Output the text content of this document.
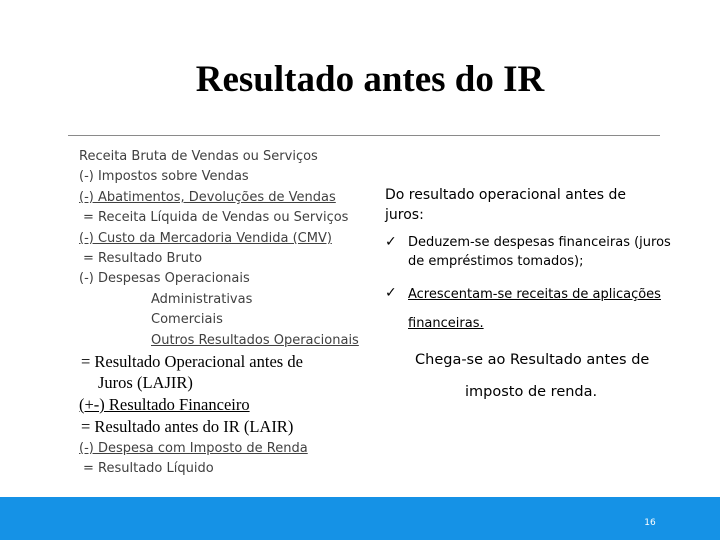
Resultado antes do IR
Receita Bruta de Vendas ou Serviços
(-) Impostos sobre Vendas
(-) Abatimentos, Devoluções de Vendas
= Receita Líquida de Vendas ou Serviços
(-) Custo da Mercadoria Vendida (CMV)
= Resultado Bruto
(-) Despesas Operacionais
Administrativas
Comerciais
Outros Resultados Operacionais
= Resultado Operacional antes de
Juros (LAJIR)
(+-) Resultado Financeiro
= Resultado antes do IR (LAIR)
(-) Despesa com Imposto de Renda
= Resultado Líquido
Do resultado operacional antes de
juros:
✓ Deduzem-se despesas financeiras (juros
de empréstimos tomados);
✓ Acrescentam-se receitas de aplicações
financeiras.
Chega-se ao Resultado antes de
imposto de renda.
16
